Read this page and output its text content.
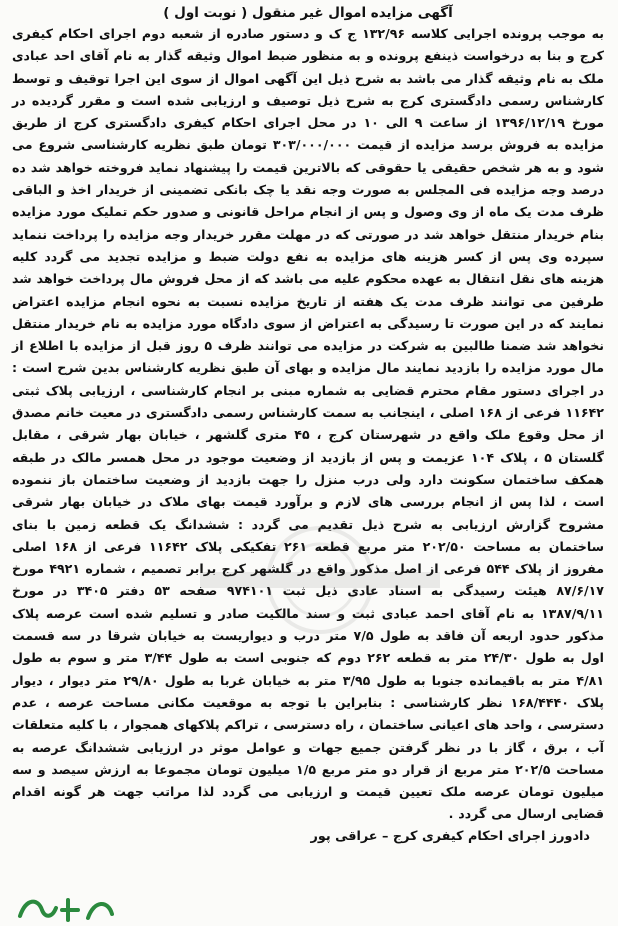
آگهی مزایده اموال غیر منقول ( نوبت اول )

به موجب پرونده اجرایی کلاسه ۱۳۲/۹۶ ج ک و دستور صادره از شعبه دوم اجرای احکام کیفری کرج و بنا به درخواست ذینفع پرونده و به منظور ضبط اموال وثیقه گذار به نام آقای احد عبادی ملک به نام وثیقه گذار می باشد به شرح ذیل این آگهی اموال از سوی این اجرا توقیف و توسط کارشناس رسمی دادگستری کرج به شرح ذیل توصیف و ارزیابی شده است و مقرر گردیده در مورخ ۱۳۹۶/۱۲/۱۹ از ساعت ۹ الی ۱۰ در محل اجرای احکام کیفری دادگستری کرج از طریق مزایده به فروش برسد مزایده از قیمت ۳۰۳/۰۰۰/۰۰۰ تومان طبق نظریه کارشناسی شروع می شود و به هر شخص حقیقی یا حقوقی که بالاترین قیمت را پیشنهاد نماید فروخته خواهد شد ده درصد وجه مزایده فی المجلس به صورت وجه نقد یا چک بانکی تضمینی از خریدار اخذ و الباقی ظرف مدت یک ماه از وی وصول و پس از انجام مراحل قانونی و صدور حکم تملیک مورد مزایده بنام خریدار منتقل خواهد شد در صورتی که در مهلت مقرر خریدار وجه مزایده را پرداخت ننماید سپرده وی پس از کسر هزینه های مزایده به نفع دولت ضبط و مزایده تجدید می گردد کلیه هزینه های نقل انتقال به عهده محکوم علیه می باشد که از محل فروش مال پرداخت خواهد شد طرفین می توانند ظرف مدت یک هفته از تاریخ مزایده نسبت به نحوه انجام مزایده اعتراض نمایند که در این صورت تا رسیدگی به اعتراض از سوی دادگاه مورد مزایده به نام خریدار منتقل نخواهد شد ضمنا طالبین به شرکت در مزایده می توانند ظرف ۵ روز قبل از مزایده با اطلاع از مال مورد مزایده را بازدید نمایند مال مزایده و بهای آن طبق نظریه کارشناس بدین شرح است : در اجرای دستور مقام محترم قضایی به شماره مبنی بر انجام کارشناسی ، ارزیابی پلاک ثبتی ۱۱۶۴۲ فرعی از ۱۶۸ اصلی ، اینجانب به سمت کارشناس رسمی دادگستری در معیت خانم مصدق از محل وقوع ملک واقع در شهرستان کرج ، ۴۵ متری گلشهر ، خیابان بهار شرقی ، مقابل گلستان ۵ ، پلاک ۱۰۴ عزیمت و پس از بازدید از وضعیت موجود در محل همسر مالک در طبقه همکف ساختمان سکونت دارد ولی درب منزل را جهت بازدید از وضعیت ساختمان باز ننموده است ، لذا پس از انجام بررسی های لازم و برآورد قیمت بهای ملاک در خیابان بهار شرقی مشروح گزارش ارزیابی به شرح ذیل تقدیم می گردد : ششدانگ یک قطعه زمین با بنای ساختمان به مساحت ۲۰۲/۵۰ متر مربع قطعه ۲۶۱ تفکیکی پلاک ۱۱۶۴۲ فرعی از ۱۶۸ اصلی مفروز از پلاک ۵۴۴ فرعی از اصل مذکور واقع در گلشهر کرج برابر تصمیم ، شماره ۴۹۲۱ مورخ ۸۷/۶/۱۷ هیئت رسیدگی به اسناد عادی ذیل ثبت ۹۷۴۱۰۱ صفحه ۵۳ دفتر ۳۴۰۵ در مورخ ۱۳۸۷/۹/۱۱ به نام آقای احمد عبادی ثبت و سند مالکیت صادر و تسلیم شده است عرصه پلاک مذکور حدود اربعه آن فاقد به طول ۷/۵ متر درب و دیواریست به خیابان شرقا در سه قسمت اول به طول ۲۴/۳۰ متر به قطعه ۲۶۲ دوم که جنوبی است به طول ۳/۴۴ متر و سوم به طول ۴/۸۱ متر به باقیمانده جنوبا به طول ۳/۹۵ متر به خیابان غربا به طول ۲۹/۸۰ متر دیوار ، دیوار پلاک ۱۶۸/۴۴۴۰ نظر کارشناسی : بنابراین با توجه به موقعیت مکانی مساحت عرصه ، عدم دسترسی ، واحد های اعیانی ساختمان ، راه دسترسی ، تراکم پلاکهای همجوار ، با کلیه متعلقات آب ، برق ، گاز با در نظر گرفتن جمیع جهات و عوامل موثر در ارزیابی ششدانگ عرصه به مساحت ۲۰۲/۵ متر مربع از قرار دو متر مربع ۱/۵ میلیون تومان مجموعا به ارزش سیصد و سه میلیون تومان عرصه ملک تعیین قیمت و ارزیابی می گردد لذا مراتب جهت هر گونه اقدام قضایی ارسال می گردد .

دادورز اجرای احکام کیفری کرج – عراقی پور
